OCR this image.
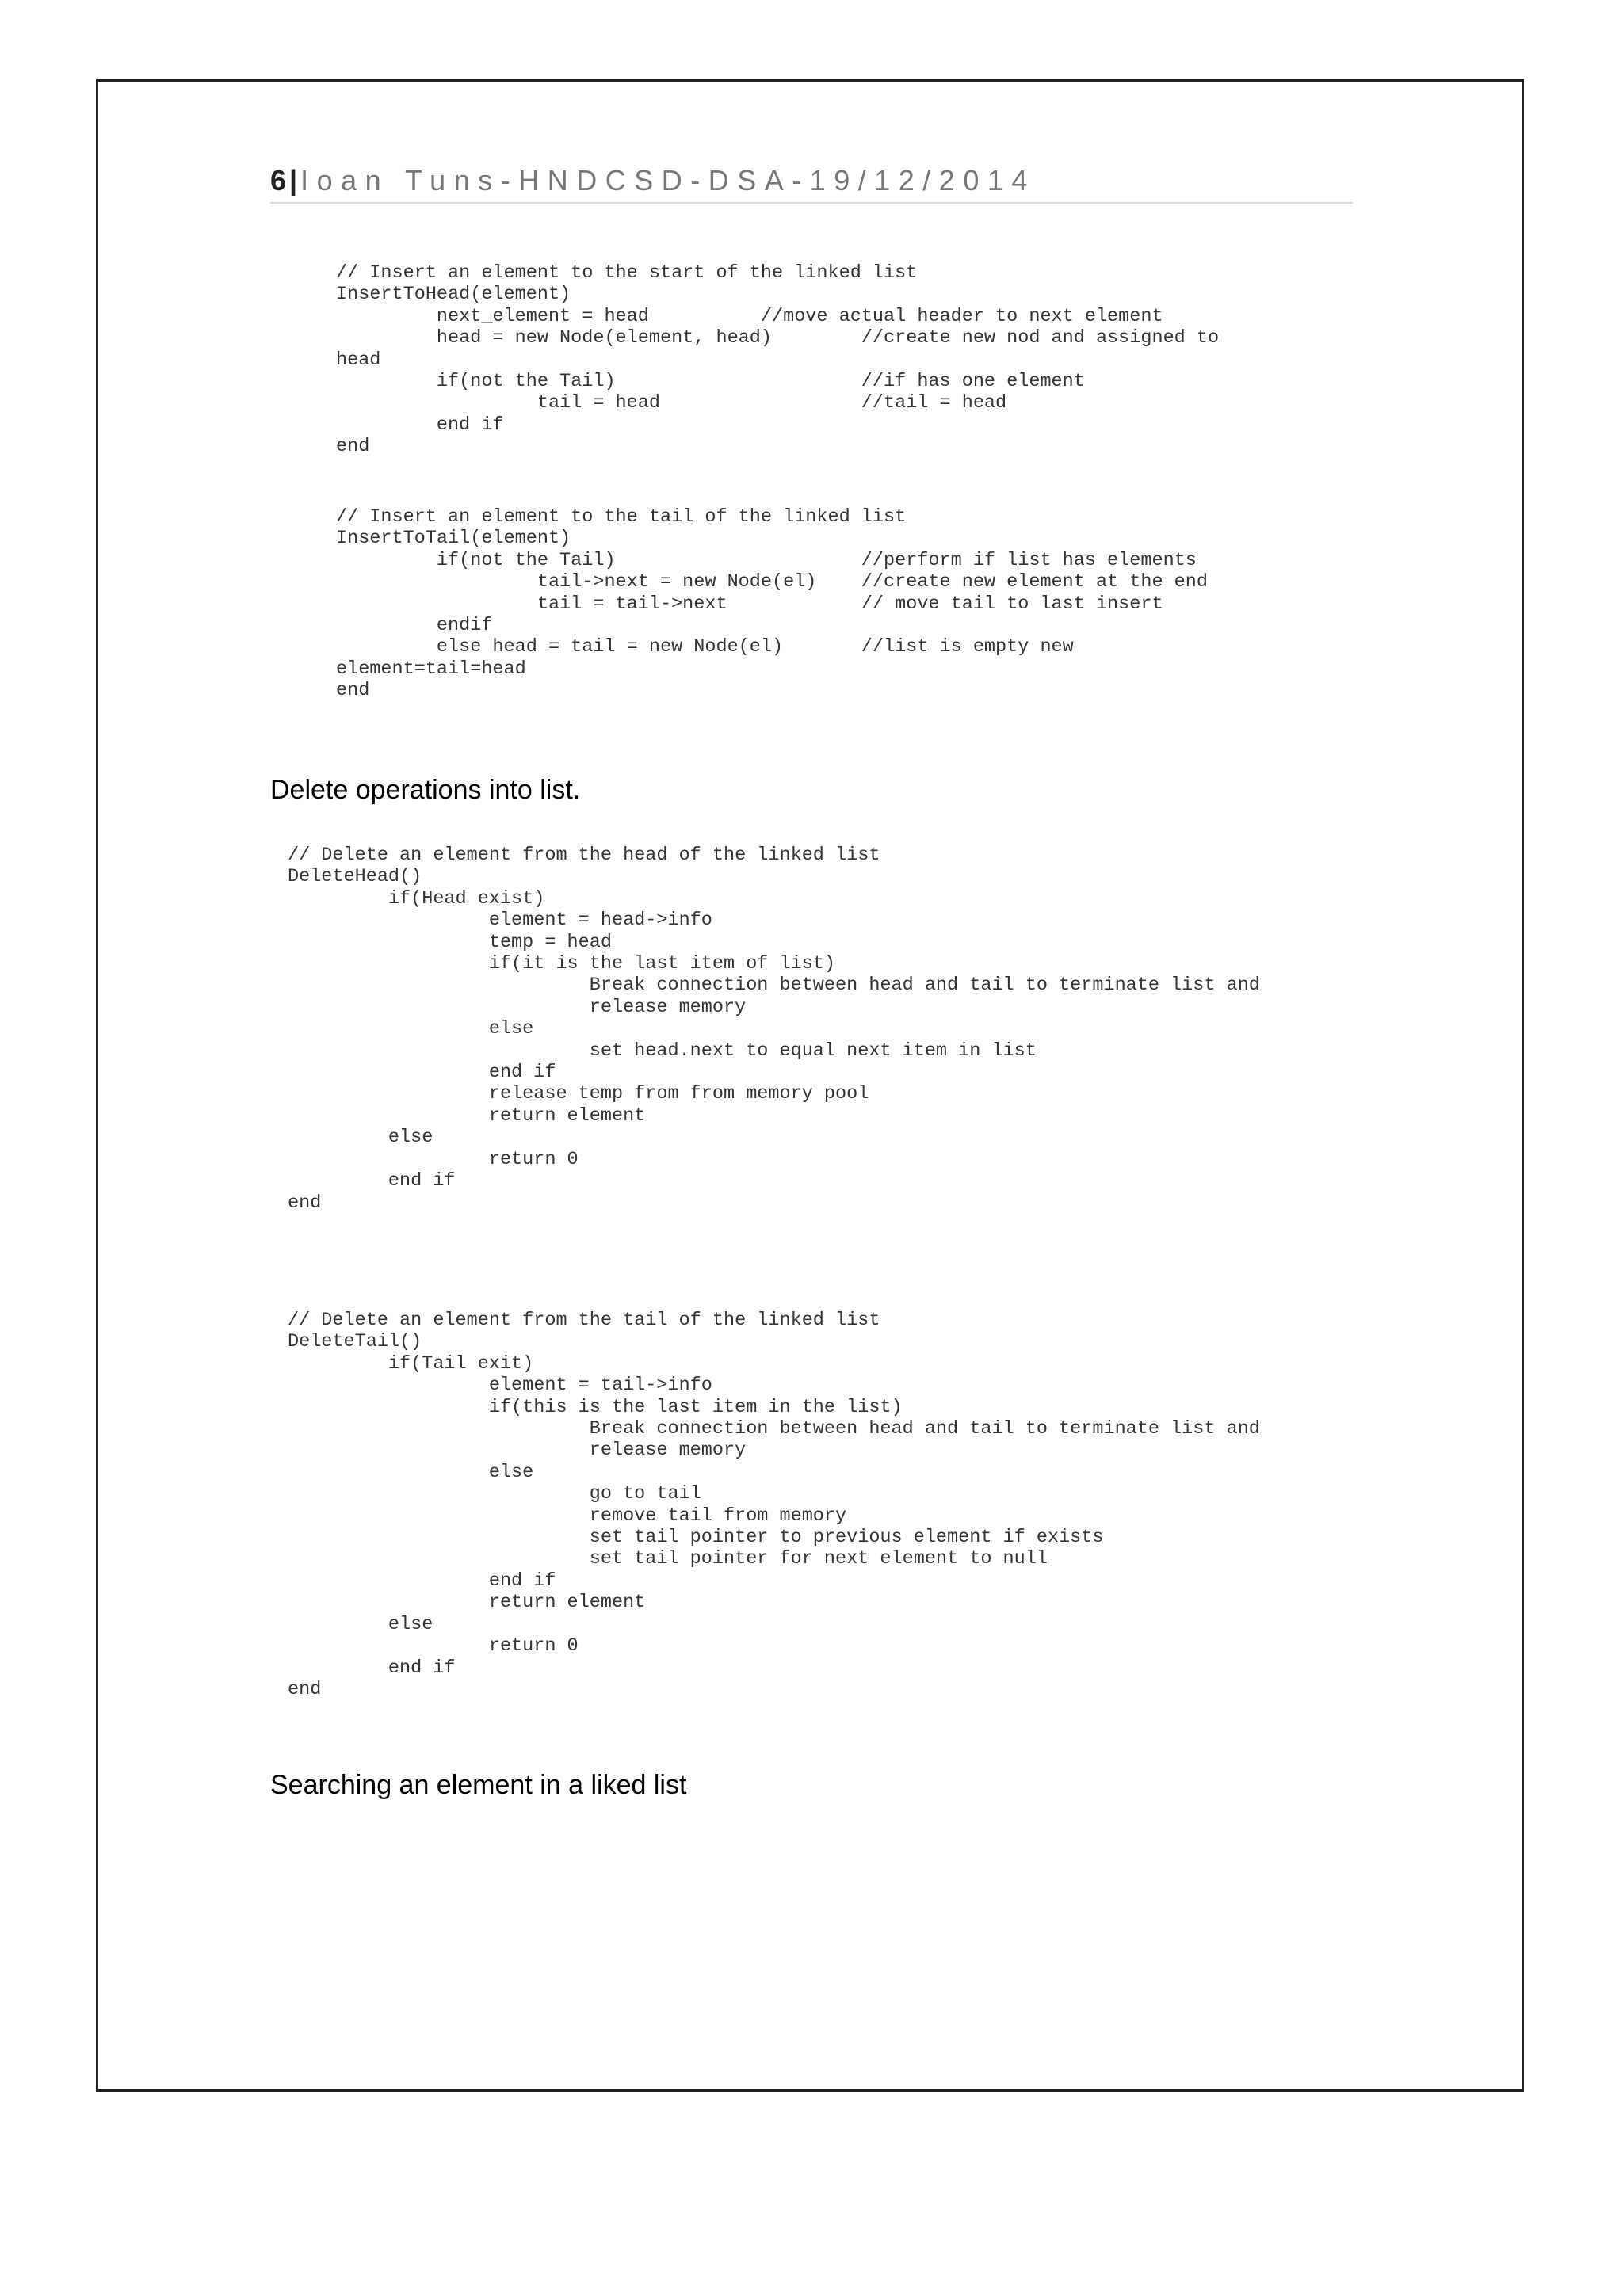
6 | Ioan Tuns-HNDCSD-DSA-19/12/2014
// Insert an element to the start of the linked list
InsertToHead(element)
next_element = head          //move actual header to next element
head = new Node(element, head)        //create new nod and assigned to
head
if(not the Tail)                      //if has one element
tail = head                  //tail = head
end if
end
// Insert an element to the tail of the linked list
InsertToTail(element)
if(not the Tail)                      //perform if list has elements
tail->next = new Node(el)    //create new element at the end
tail = tail->next            // move tail to last insert
endif
else head = tail = new Node(el)       //list is empty new
element=tail=head
end
Delete operations into list.
// Delete an element from the head of the linked list
DeleteHead()
if(Head exist)
element = head->info
temp = head
if(it is the last item of list)
Break connection between head and tail to terminate list and
release memory
else
set head.next to equal next item in list
end if
release temp from from memory pool
return element
else
return 0
end if
end
// Delete an element from the tail of the linked list
DeleteTail()
if(Tail exit)
element = tail->info
if(this is the last item in the list)
Break connection between head and tail to terminate list and
release memory
else
go to tail
remove tail from memory
set tail pointer to previous element if exists
set tail pointer for next element to null
end if
return element
else
return 0
end if
end
Searching an element in a liked list
